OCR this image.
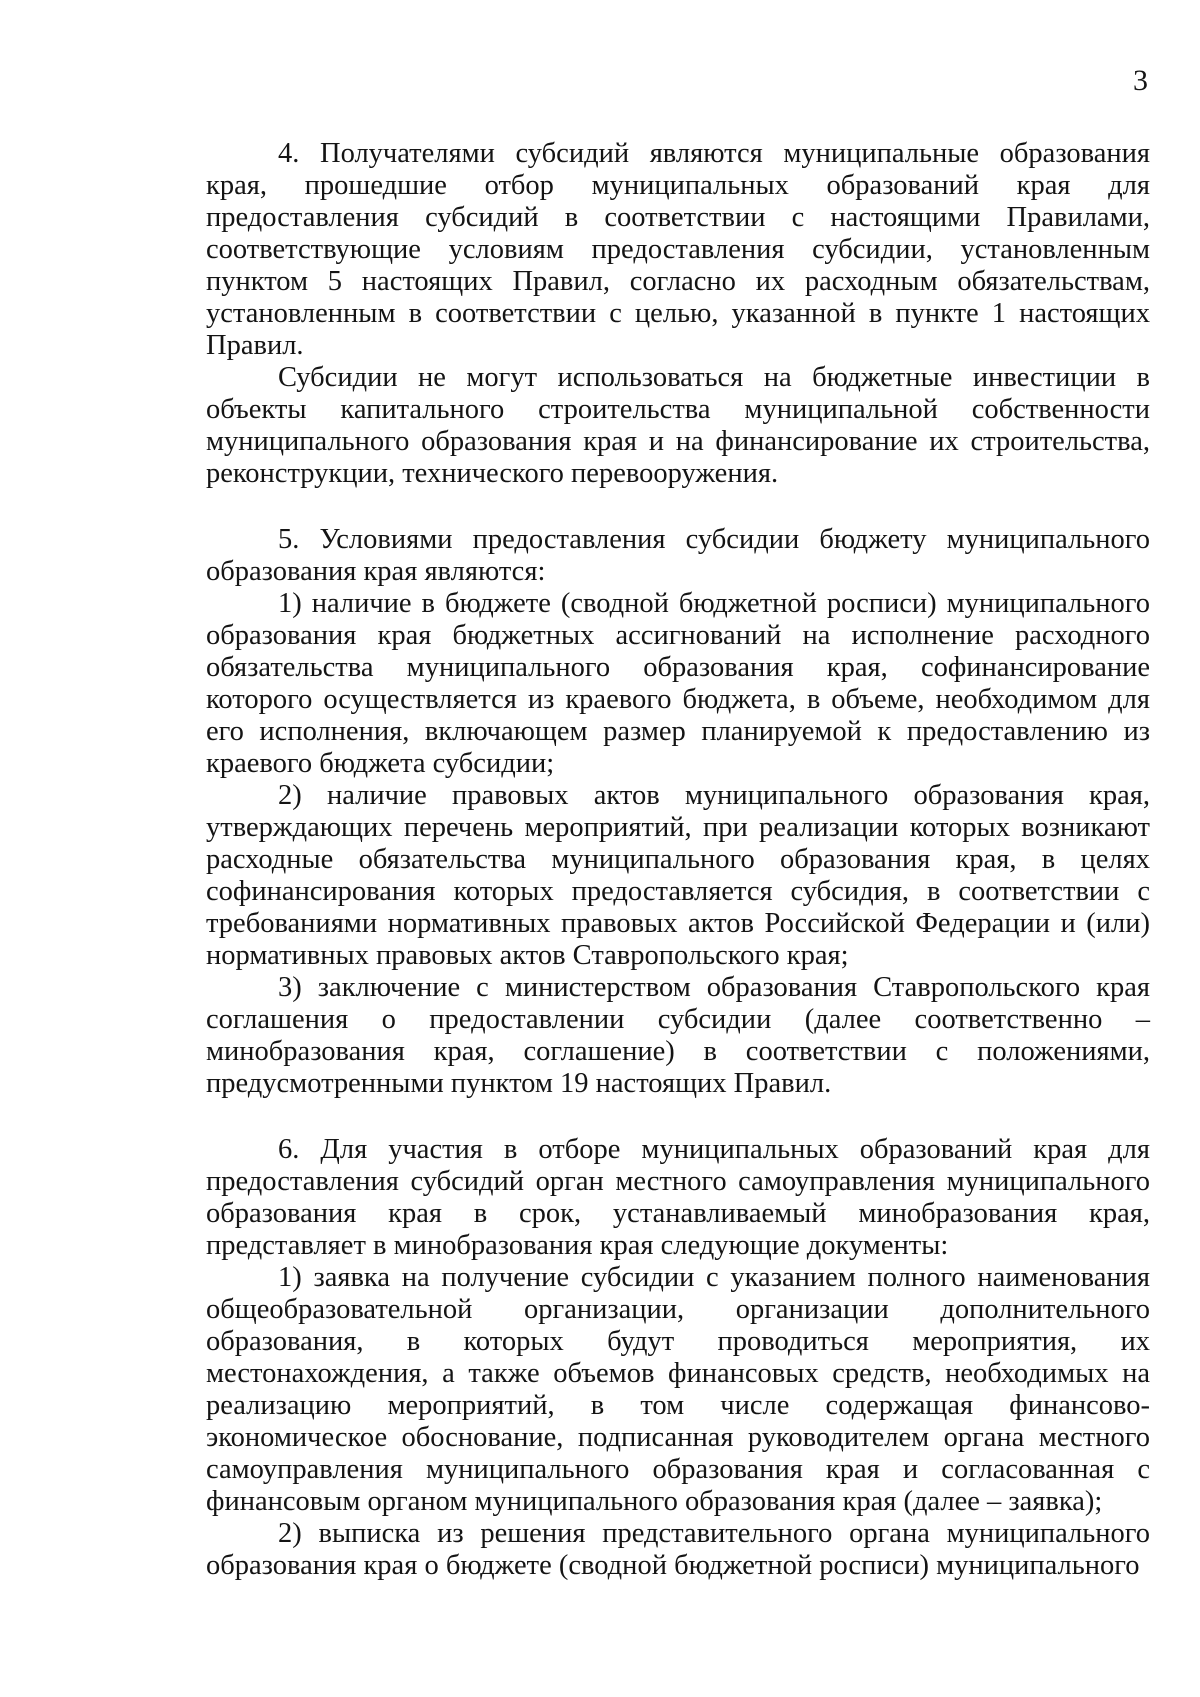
3

4. Получателями субсидий являются муниципальные образования края, прошедшие отбор муниципальных образований края для предоставления субсидий в соответствии с настоящими Правилами, соответствующие условиям предоставления субсидии, установленным пунктом 5 настоящих Правил, согласно их расходным обязательствам, установленным в соответствии с целью, указанной в пункте 1 настоящих Правил.

Субсидии не могут использоваться на бюджетные инвестиции в объекты капитального строительства муниципальной собственности муниципального образования края и на финансирование их строительства, реконструкции, технического перевооружения.

5. Условиями предоставления субсидии бюджету муниципального образования края являются:

1) наличие в бюджете (сводной бюджетной росписи) муниципального образования края бюджетных ассигнований на исполнение расходного обязательства муниципального образования края, софинансирование которого осуществляется из краевого бюджета, в объеме, необходимом для его исполнения, включающем размер планируемой к предоставлению из краевого бюджета субсидии;

2) наличие правовых актов муниципального образования края, утверждающих перечень мероприятий, при реализации которых возникают расходные обязательства муниципального образования края, в целях софинансирования которых предоставляется субсидия, в соответствии с требованиями нормативных правовых актов Российской Федерации и (или) нормативных правовых актов Ставропольского края;

3) заключение с министерством образования Ставропольского края соглашения о предоставлении субсидии (далее соответственно – минобразования края, соглашение) в соответствии с положениями, предусмотренными пунктом 19 настоящих Правил.

6. Для участия в отборе муниципальных образований края для предоставления субсидий орган местного самоуправления муниципального образования края в срок, устанавливаемый минобразования края, представляет в минобразования края следующие документы:

1) заявка на получение субсидии с указанием полного наименования общеобразовательной организации, организации дополнительного образования, в которых будут проводиться мероприятия, их местонахождения, а также объемов финансовых средств, необходимых на реализацию мероприятий, в том числе содержащая финансово-экономическое обоснование, подписанная руководителем органа местного самоуправления муниципального образования края и согласованная с финансовым органом муниципального образования края (далее – заявка);

2) выписка из решения представительного органа муниципального образования края о бюджете (сводной бюджетной росписи) муниципального
